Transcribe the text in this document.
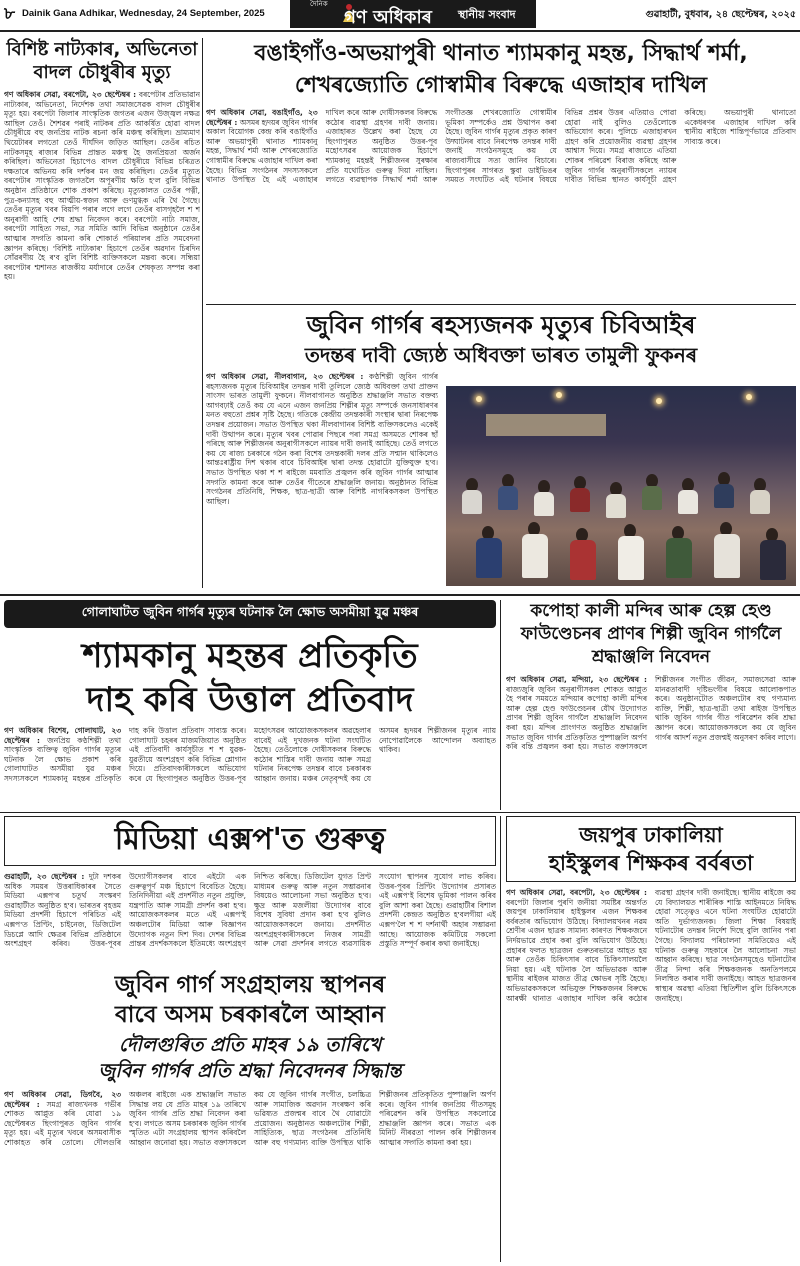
৮ Dainik Gana Adhikar, Wednesday, 24 September, 2025
দৈনিক
গণ অধিকাৰ	স্থানীয় সংবাদ	গুৱাহাটী, বুধবাৰ, ২৪ ছেপ্টেম্বৰ, ২০২৫
বিশিষ্ট নাট্যকাৰ, অভিনেতা বাদল চৌধুৰীৰ মৃত্যু
গণ অধিকাৰ সেৱা, বৰপেটা, ২৩ ছেপ্টেম্বৰ : বৰপেটাৰ প্ৰতিভাৱান নাট্যকাৰ, অভিনেতা, নিৰ্দেশক তথা সমাজসেৱক বাদল চৌধুৰীৰ মৃত্যু হয়। বৰপেটা জিলাৰ সাংস্কৃতিক জগতৰ এজন উজ্জ্বল নক্ষত্ৰ আছিল তেওঁ। শৈশৱৰ পৰাই নাটকৰ প্ৰতি আকৰ্ষিত হোৱা বাদল চৌধুৰীয়ে বহু জনপ্ৰিয় নাটক ৰচনা কৰি মঞ্চস্থ কৰিছিল। ভ্ৰাম্যমাণ থিয়েটাৰৰ লগতো তেওঁ দীৰ্ঘদিন জড়িত আছিল। তেওঁৰ ৰচিত নাটকসমূহ ৰাজ্যৰ বিভিন্ন প্ৰান্তত মঞ্চস্থ হৈ জনপ্ৰিয়তা অৰ্জন কৰিছিল। অভিনেতা হিচাপেও বাদল চৌধুৰীয়ে বিভিন্ন চৰিত্ৰত দক্ষতাৰে অভিনয় কৰি দৰ্শকৰ মন জয় কৰিছিল। তেওঁৰ মৃত্যুত বৰপেটাৰ সাংস্কৃতিক জগতলৈ অপূৰণীয় ক্ষতি হ'ল বুলি বিভিন্ন অনুষ্ঠান প্ৰতিষ্ঠানে শোক প্ৰকাশ কৰিছে। মৃত্যুকালত তেওঁৰ পত্নী, পুত্ৰ-কন্যাসহ বহু আত্মীয়-স্বজন আৰু গুণমুগ্ধক এৰি থৈ গৈছে। তেওঁৰ মৃত্যুৰ খবৰ বিয়পি পৰাৰ লগে লগে তেওঁৰ বাসগৃহলৈ শ শ অনুৰাগী আহি শেষ শ্ৰদ্ধা নিবেদন কৰে। বৰপেটা নাট্য সমাজ, বৰপেটা সাহিত্য সভা, সত্ৰ সমিতি আদি বিভিন্ন অনুষ্ঠানে তেওঁৰ আত্মাৰ সদ্গতি কামনা কৰি শোকাৰ্ত পৰিয়ালৰ প্ৰতি সমবেদনা জ্ঞাপন কৰিছে। 'বিশিষ্ট নাট্যকাৰ' হিচাপে তেওঁৰ অৱদান চিৰদিন সোঁৱৰণীয় হৈ ৰ'ব বুলি বিশিষ্ট ব্যক্তিসকলে মন্তব্য কৰে। সন্ধিয়া বৰপেটাৰ শ্মশানত ৰাজকীয় মৰ্যাদাৰে তেওঁৰ শেষকৃত্য সম্পন্ন কৰা হয়।
বঙাইগাঁও-অভয়াপুৰী থানাত শ্যামকানু মহন্ত, সিদ্ধাৰ্থ শৰ্মা, শেখৰজ্যোতি গোস্বামীৰ বিৰুদ্ধে এজাহাৰ দাখিল
গণ অধিকাৰ সেৱা, বঙাইগাঁও, ২৩ ছেপ্টেম্বৰ : অসমৰ হৃদয়ৰ জুবিন গাৰ্গৰ অকাল বিয়োগক কেন্দ্ৰ কৰি বঙাইগাঁও আৰু অভয়াপুৰী থানাত শ্যামকানু মহন্ত, সিদ্ধাৰ্থ শৰ্মা আৰু শেখৰজ্যোতি গোস্বামীৰ বিৰুদ্ধে এজাহাৰ দাখিল কৰা হৈছে। বিভিন্ন সংগঠনৰ সদস্যসকলে থানাত উপস্থিত হৈ এই এজাহাৰ দাখিল কৰে আৰু দোষীসকলৰ বিৰুদ্ধে কঠোৰ ব্যৱস্থা গ্ৰহণৰ দাবী জনায়। এজাহাৰত উল্লেখ কৰা হৈছে যে ছিংগাপুৰত অনুষ্ঠিত উত্তৰ-পূব মহোৎসৱৰ আয়োজক হিচাপে শ্যামকানু মহন্তই শিল্পীজনৰ সুৰক্ষাৰ প্ৰতি যথোচিত গুৰুত্ব দিয়া নাছিল। লগতে ব্যৱস্থাপক সিদ্ধাৰ্থ শৰ্মা আৰু সংগীতজ্ঞ শেখৰজ্যোতি গোস্বামীৰ ভূমিকা সম্পৰ্কেও প্ৰশ্ন উত্থাপন কৰা হৈছে। জুবিন গাৰ্গৰ মৃত্যুৰ প্ৰকৃত কাৰণ উদ্ঘাটনৰ বাবে নিৰপেক্ষ তদন্তৰ দাবী জনাই সংগঠনসমূহে কয় যে ৰাজ্যবাসীয়ে সত্য জানিব বিচাৰে। ছিংগাপুৰৰ সাগৰত স্কুবা ডাইভিঙৰ সময়ত সংঘটিত এই ঘটনাৰ বিষয়ে বিভিন্ন প্ৰশ্নৰ উত্তৰ এতিয়াও পোৱা হোৱা নাই বুলিও তেওঁলোকে অভিযোগ কৰে। পুলিচে এজাহাৰখন গ্ৰহণ কৰি প্ৰয়োজনীয় ব্যৱস্থা গ্ৰহণৰ আশ্বাস দিয়ে। সমগ্ৰ ৰাজ্যতে এতিয়া শোকৰ পৰিৱেশ বিৰাজ কৰিছে আৰু জুবিন গাৰ্গৰ অনুৰাগীসকলে ন্যায়ৰ দাবীত বিভিন্ন স্থানত কাৰ্যসূচী গ্ৰহণ কৰিছে। অভয়াপুৰী থানাতো একেধৰণৰ এজাহাৰ দাখিল কৰি স্থানীয় ৰাইজে শান্তিপূৰ্ণভাৱে প্ৰতিবাদ সাব্যস্ত কৰে।
জুবিন গাৰ্গৰ ৰহস্যজনক মৃত্যুৰ চিবিআইৰ
তদন্তৰ দাবী জ্যেষ্ঠ অধিবক্তা ভাৰত তামুলী ফুকনৰ
গণ অধিকাৰ সেৱা, নীলবাগান, ২৩ ছেপ্টেম্বৰ : কণ্ঠশিল্পী জুবিন গাৰ্গৰ ৰহস্যজনক মৃত্যুৰ চিবিআইৰ তদন্তৰ দাবী তুলিলে জ্যেষ্ঠ অধিবক্তা তথা প্ৰাক্তন সাংসদ ভাৰত তামুলী ফুকনে। নীলবাগানত অনুষ্ঠিত শ্ৰদ্ধাঞ্জলি সভাত বক্তব্য আগবঢ়াই তেওঁ কয় যে এনে এজন জনপ্ৰিয় শিল্পীৰ মৃত্যু সম্পৰ্কে জনসাধাৰণৰ মনত বহুতো প্ৰশ্নৰ সৃষ্টি হৈছে। গতিকে কেন্দ্ৰীয় তদন্তকাৰী সংস্থাৰ দ্বাৰা নিৰপেক্ষ তদন্তৰ প্ৰয়োজন। সভাত উপস্থিত থকা নীলবাগানৰ বিশিষ্ট ব্যক্তিসকলেও একেই দাবী উত্থাপন কৰে। মৃত্যুৰ খবৰ পোৱাৰ পিছৰে পৰা সমগ্ৰ অসমতে শোকৰ ছাঁ পৰিছে আৰু শিল্পীজনৰ অনুৰাগীসকলে ন্যায়ৰ দাবী জনাই আহিছে। তেওঁ লগতে কয় যে ৰাজ্য চৰকাৰে গঠন কৰা বিশেষ তদন্তকাৰী দলৰ প্ৰতি সন্মান থাকিলেও আন্তঃৰাষ্ট্ৰীয় দিশ থকাৰ বাবে চিবিআইৰ দ্বাৰা তদন্ত হোৱাটো যুক্তিযুক্ত হ'ব। সভাত উপস্থিত থকা শ শ ৰাইজে মমবাতি প্ৰজ্বলন কৰি জুবিন গাৰ্গৰ আত্মাৰ সদ্গতি কামনা কৰে আৰু তেওঁৰ গীতেৰে শ্ৰদ্ধাঞ্জলি জনায়। অনুষ্ঠানত বিভিন্ন সংগঠনৰ প্ৰতিনিধি, শিক্ষক, ছাত্ৰ-ছাত্ৰী আৰু বিশিষ্ট নাগৰিকসকল উপস্থিত আছিল।
গোলাঘাটত জুবিন গাৰ্গৰ মৃত্যুৰ ঘটনাক লৈ ক্ষোভ অসমীয়া যুৱ মঞ্চৰ
শ্যামকানু মহন্তৰ প্ৰতিকৃতি
দাহ কৰি উত্তাল প্ৰতিবাদ
গণ অধিকাৰ বিশেষ, গোলাঘাট, ২৩ ছেপ্টেম্বৰ : জনপ্ৰিয় কণ্ঠশিল্পী তথা সাংস্কৃতিক ব্যক্তিত্ব জুবিন গাৰ্গৰ মৃত্যুৰ ঘটনাক লৈ ক্ষোভ প্ৰকাশ কৰি গোলাঘাটত অসমীয়া যুৱ মঞ্চৰ সদস্যসকলে শ্যামকানু মহন্তৰ প্ৰতিকৃতি দাহ কৰি উত্তাল প্ৰতিবাদ সাব্যস্ত কৰে। গোলাঘাট চহৰৰ মাজমজিয়াত অনুষ্ঠিত এই প্ৰতিবাদী কাৰ্যসূচীত শ শ যুৱক-যুৱতীয়ে অংশগ্ৰহণ কৰি বিভিন্ন শ্লোগান দিয়ে। প্ৰতিবাদকাৰীসকলে অভিযোগ কৰে যে ছিংগাপুৰত অনুষ্ঠিত উত্তৰ-পূব মহোৎসৱৰ আয়োজকসকলৰ অৱহেলাৰ বাবেই এই দুখজনক ঘটনা সংঘটিত হৈছে। তেওঁলোকে দোষীসকলৰ বিৰুদ্ধে কঠোৰ শাস্তিৰ দাবী জনায় আৰু সমগ্ৰ ঘটনাৰ নিৰপেক্ষ তদন্তৰ বাবে চৰকাৰক আহ্বান জনায়। মঞ্চৰ নেতৃবৃন্দই কয় যে অসমৰ হৃদয়ৰ শিল্পীজনৰ মৃত্যুৰ ন্যায় নোপোৱালৈকে আন্দোলন অব্যাহত থাকিব।
কপোহা কালী মন্দিৰ আৰু হেল্প হেণ্ড ফাউণ্ডেচনৰ প্ৰাণৰ শিল্পী জুবিন গাৰ্গলৈ শ্ৰদ্ধাঞ্জলি নিবেদন
গণ অধিকাৰ সেৱা, মন্দিয়া, ২৩ ছেপ্টেম্বৰ : ৰাজ্যজুৰি জুবিন অনুৰাগীসকল শোকত আপ্লুত হৈ পৰাৰ সময়তে মন্দিয়াৰ কপোহা কালী মন্দিৰ আৰু হেল্প হেণ্ড ফাউণ্ডেচনৰ যৌথ উদ্যোগত প্ৰাণৰ শিল্পী জুবিন গাৰ্গলৈ শ্ৰদ্ধাঞ্জলি নিবেদন কৰা হয়। মন্দিৰ প্ৰাংগণত অনুষ্ঠিত শ্ৰদ্ধাঞ্জলি সভাত জুবিন গাৰ্গৰ প্ৰতিকৃতিত পুষ্পাঞ্জলি অৰ্পণ কৰি বন্তি প্ৰজ্বলন কৰা হয়। সভাত বক্তাসকলে শিল্পীজনৰ সংগীত জীৱন, সমাজসেৱা আৰু মানৱতাবাদী দৃষ্টিভংগীৰ বিষয়ে আলোকপাত কৰে। অনুষ্ঠানটোত অঞ্চলটোৰ বহু গণ্যমান্য ব্যক্তি, শিল্পী, ছাত্ৰ-ছাত্ৰী তথা ৰাইজ উপস্থিত থাকি জুবিন গাৰ্গৰ গীত পৰিৱেশন কৰি শ্ৰদ্ধা জ্ঞাপন কৰে। আয়োজকসকলে কয় যে জুবিন গাৰ্গৰ আদৰ্শ নতুন প্ৰজন্মই অনুসৰণ কৰিব লাগে।
মিডিয়া এক্সপ'ত গুৰুত্ব
গুৱাহাটী, ২৩ ছেপ্টেম্বৰ : দুটা দশকৰ অধিক সময়ৰ উত্তৰাধিকাৰৰ সৈতে মিডিয়া এক্সপ'ৰ চতুৰ্থ সংস্কৰণ গুৱাহাটীত অনুষ্ঠিত হ'ব। ভাৰতৰ বৃহত্তম মিডিয়া প্ৰদৰ্শনী হিচাপে পৰিচিত এই এক্সপ'ত প্ৰিণ্টিং, চাইনেজ, ডিজিটেল ডিচপ্লে আদি ক্ষেত্ৰৰ বিভিন্ন প্ৰতিষ্ঠানে অংশগ্ৰহণ কৰিব। উত্তৰ-পূবৰ উদ্যোগীসকলৰ বাবে এইটো এক গুৰুত্বপূৰ্ণ মঞ্চ হিচাপে বিবেচিত হৈছে। তিনিদিনীয়া এই প্ৰদৰ্শনীত নতুন প্ৰযুক্তি, যন্ত্ৰপাতি আৰু সামগ্ৰী প্ৰদৰ্শন কৰা হ'ব। আয়োজকসকলৰ মতে এই এক্সপ'ই অঞ্চলটোৰ মিডিয়া আৰু বিজ্ঞাপন উদ্যোগক নতুন দিশ দিব। দেশৰ বিভিন্ন প্ৰান্তৰ প্ৰদৰ্শকসকলে ইতিমধ্যে অংশগ্ৰহণ নিশ্চিত কৰিছে। ডিজিটেল যুগত প্ৰিণ্ট মাধ্যমৰ গুৰুত্ব আৰু নতুন সম্ভাৱনাৰ বিষয়েও আলোচনা সভা অনুষ্ঠিত হ'ব। ক্ষুদ্ৰ আৰু মজলীয়া উদ্যোগৰ বাবে বিশেষ সুবিধা প্ৰদান কৰা হ'ব বুলিও আয়োজকসকলে জনায়। প্ৰদৰ্শনীত অংশগ্ৰহণকাৰীসকলে নিজৰ সামগ্ৰী আৰু সেৱা প্ৰদৰ্শনৰ লগতে ব্যৱসায়িক সংযোগ স্থাপনৰ সুযোগ লাভ কৰিব। উত্তৰ-পূবৰ প্ৰিণ্টিং উদ্যোগৰ প্ৰসাৰত এই এক্সপ'ই বিশেষ ভূমিকা পালন কৰিব বুলি আশা কৰা হৈছে। গুৱাহাটীৰ বিশাল প্ৰদৰ্শনী কেন্দ্ৰত অনুষ্ঠিত হ'বলগীয়া এই এক্সপ'লৈ শ শ দৰ্শনাৰ্থী অহাৰ সম্ভাৱনা আছে। আয়োজক কমিটিয়ে সকলো প্ৰস্তুতি সম্পূৰ্ণ কৰাৰ কথা জনাইছে।
জুবিন গাৰ্গ সংগ্ৰহালয় স্থাপনৰ
বাবে অসম চৰকাৰলৈ আহ্বান
দৌলগুৰিত প্ৰতি মাহৰ ১৯ তাৰিখে
জুবিন গাৰ্গৰ প্ৰতি শ্ৰদ্ধা নিবেদনৰ সিদ্ধান্ত
গণ অধিকাৰ সেৱা, ডিগবৈ, ২৩ ছেপ্টেম্বৰ : সমগ্ৰ ৰাজ্যখনক গভীৰ শোকত আপ্লুত কৰি যোৱা ১৯ ছেপ্টেম্বৰত ছিংগাপুৰত জুবিন গাৰ্গৰ মৃত্যু হয়। এই মৃত্যুৰ খবৰে অসমবাসীক শোকাহত কৰি তোলে। দৌলগুৰি অঞ্চলৰ ৰাইজে এক শ্ৰদ্ধাঞ্জলি সভাত সিদ্ধান্ত লয় যে প্ৰতি মাহৰ ১৯ তাৰিখে জুবিন গাৰ্গৰ প্ৰতি শ্ৰদ্ধা নিবেদন কৰা হ'ব। লগতে অসম চৰকাৰক জুবিন গাৰ্গৰ স্মৃতিত এটা সংগ্ৰহালয় স্থাপন কৰিবলৈ আহ্বান জনোৱা হয়। সভাত বক্তাসকলে কয় যে জুবিন গাৰ্গৰ সংগীত, চলচ্চিত্ৰ আৰু সামাজিক অৱদান সংৰক্ষণ কৰি ভৱিষ্যত প্ৰজন্মৰ বাবে থৈ যোৱাটো প্ৰয়োজন। অনুষ্ঠানত অঞ্চলটোৰ শিল্পী, সাহিত্যিক, ছাত্ৰ সংগঠনৰ প্ৰতিনিধি আৰু বহু গণ্যমান্য ব্যক্তি উপস্থিত থাকি শিল্পীজনৰ প্ৰতিকৃতিত পুষ্পাঞ্জলি অৰ্পণ কৰে। জুবিন গাৰ্গৰ জনপ্ৰিয় গীতসমূহ পৰিৱেশন কৰি উপস্থিত সকলোৱে শ্ৰদ্ধাঞ্জলি জ্ঞাপন কৰে। সভাত এক মিনিট নীৰৱতা পালন কৰি শিল্পীজনৰ আত্মাৰ সদ্গতি কামনা কৰা হয়।
জয়পুৰ ঢাকালিয়া
হাইস্কুলৰ শিক্ষকৰ বৰ্বৰতা
গণ অধিকাৰ সেৱা, বৰপেটা, ২৩ ছেপ্টেম্বৰ : বৰপেটা জিলাৰ পুৰণি জনীয়া সমষ্টিৰ অন্তৰ্গত জয়পুৰ ঢাকালিয়াৰ হাইস্কুলৰ এজন শিক্ষকৰ বৰ্বৰতাৰ অভিযোগ উঠিছে। বিদ্যালয়খনৰ নৱম শ্ৰেণীৰ এজন ছাত্ৰক সামান্য কাৰণত শিক্ষকজনে নিৰ্দয়ভাৱে প্ৰহাৰ কৰা বুলি অভিযোগ উঠিছে। প্ৰহাৰৰ ফলত ছাত্ৰজন গুৰুতৰভাৱে আহত হয় আৰু তেওঁক চিকিৎসাৰ বাবে চিকিৎসালয়লৈ নিয়া হয়। এই ঘটনাক লৈ অভিভাৱক আৰু স্থানীয় ৰাইজৰ মাজত তীব্ৰ ক্ষোভৰ সৃষ্টি হৈছে। অভিভাৱকসকলে অভিযুক্ত শিক্ষকজনৰ বিৰুদ্ধে আৰক্ষী থানাত এজাহাৰ দাখিল কৰি কঠোৰ ব্যৱস্থা গ্ৰহণৰ দাবী জনাইছে। স্থানীয় ৰাইজে কয় যে বিদ্যালয়ত শাৰীৰিক শাস্তি আইনমতে নিষিদ্ধ হোৱা সত্ত্বেও এনে ঘটনা সংঘটিত হোৱাটো অতি দুৰ্ভাগ্যজনক। জিলা শিক্ষা বিষয়াই ঘটনাটোৰ তদন্তৰ নিৰ্দেশ দিছে বুলি জানিব পৰা গৈছে। বিদ্যালয় পৰিচালনা সমিতিয়েও এই ঘটনাক গুৰুত্ব সহকাৰে লৈ আলোচনা সভা আহ্বান কৰিছে। ছাত্ৰ সংগঠনসমূহেও ঘটনাটোৰ তীব্ৰ নিন্দা কৰি শিক্ষকজনক অনতিপলমে নিলম্বিত কৰাৰ দাবী জনাইছে। আহত ছাত্ৰজনৰ স্বাস্থ্যৰ অৱস্থা এতিয়া স্থিতিশীল বুলি চিকিৎসকে জনাইছে।
